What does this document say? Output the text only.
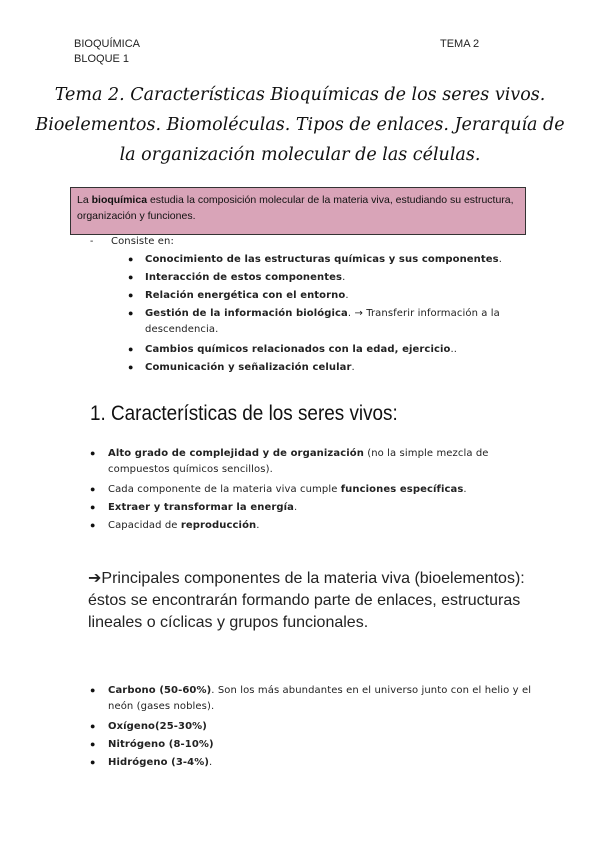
BIOQUÍMICA
BLOQUE 1
TEMA 2
Tema 2. Características Bioquímicas de los seres vivos. Bioelementos. Biomoléculas. Tipos de enlaces. Jerarquía de la organización molecular de las células.
La bioquímica estudia la composición molecular de la materia viva, estudiando su estructura, organización y funciones.
- Consiste en:
● Conocimiento de las estructuras químicas y sus componentes.
● Interacción de estos componentes.
● Relación energética con el entorno.
● Gestión de la información biológica. → Transferir información a la descendencia.
● Cambios químicos relacionados con la edad, ejercicio..
● Comunicación y señalización celular.
1. Características de los seres vivos:
● Alto grado de complejidad y de organización (no la simple mezcla de compuestos químicos sencillos).
● Cada componente de la materia viva cumple funciones específicas.
● Extraer y transformar la energía.
● Capacidad de reproducción.
➔Principales componentes de la materia viva (bioelementos): éstos se encontrarán formando parte de enlaces, estructuras lineales o cíclicas y grupos funcionales.
● Carbono (50-60%). Son los más abundantes en el universo junto con el helio y el neón (gases nobles).
● Oxígeno(25-30%)
● Nitrógeno (8-10%)
● Hidrógeno (3-4%).
